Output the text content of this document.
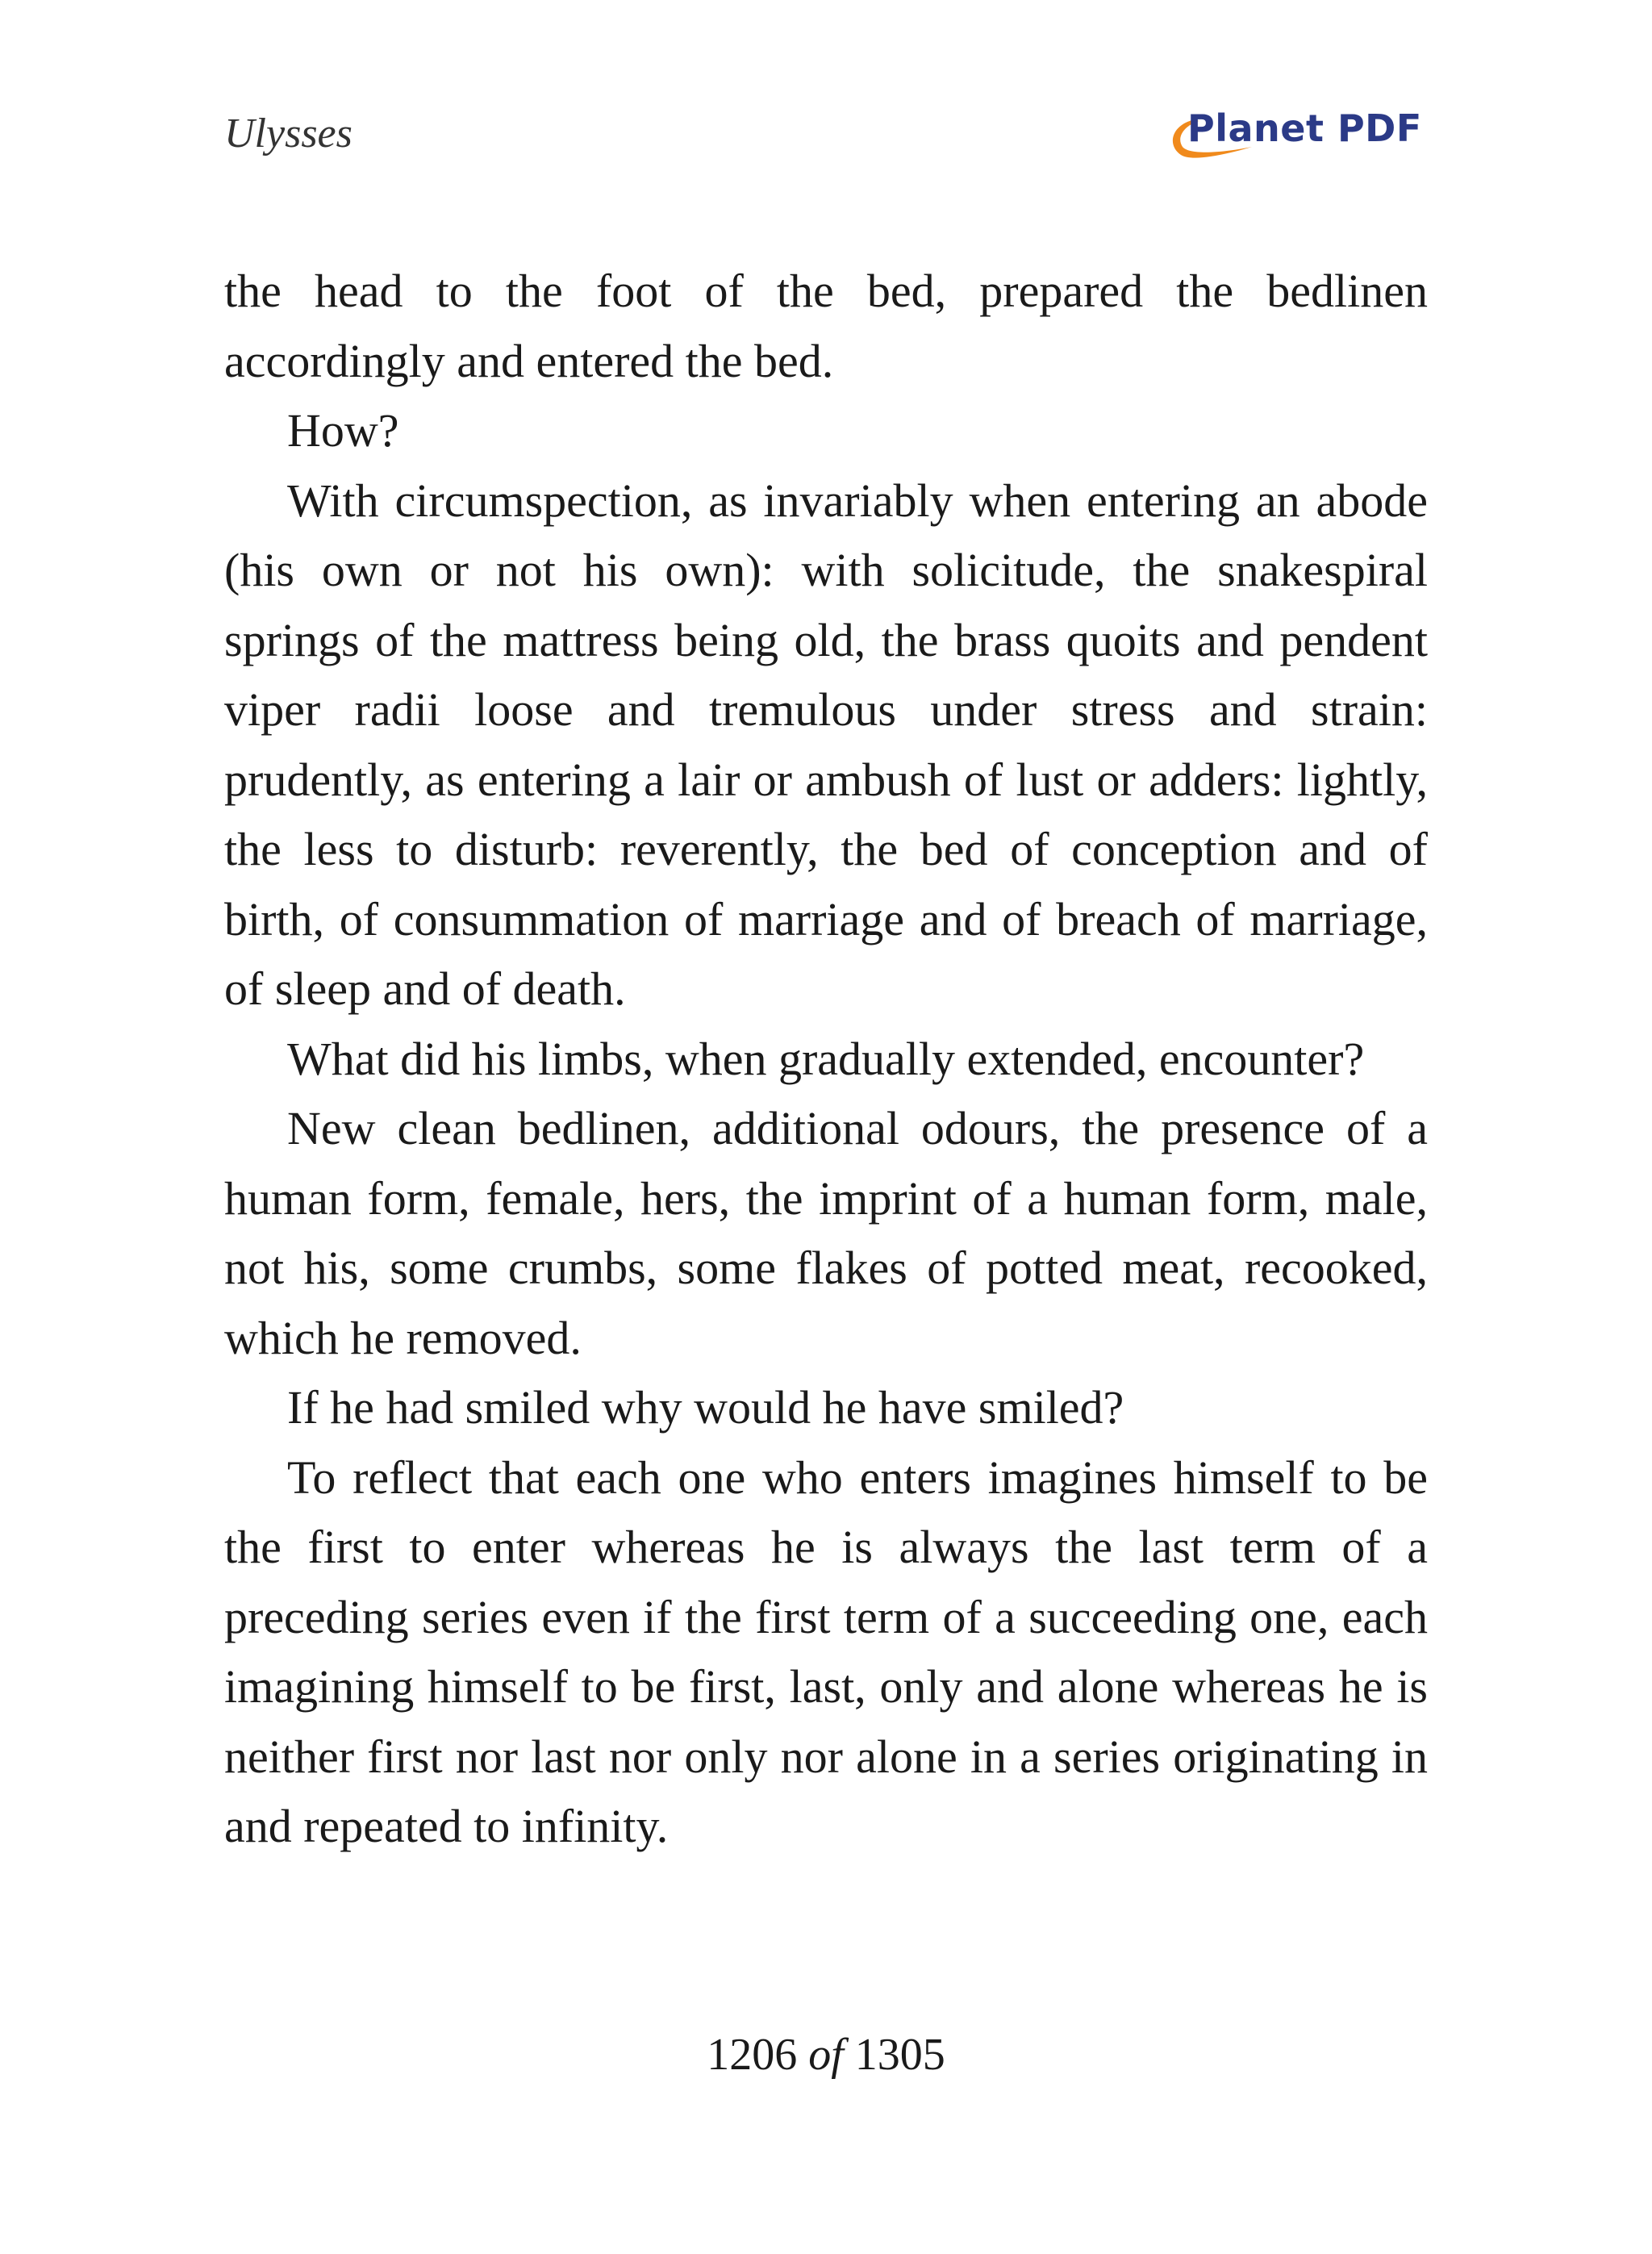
Ulysses	Planet PDF

the head to the foot of the bed, prepared the bedlinen accordingly and entered the bed.

How?

With circumspection, as invariably when entering an abode (his own or not his own): with solicitude, the snakespiral springs of the mattress being old, the brass quoits and pendent viper radii loose and tremulous under stress and strain: prudently, as entering a lair or ambush of lust or adders: lightly, the less to disturb: reverently, the bed of conception and of birth, of consummation of marriage and of breach of marriage, of sleep and of death.

What did his limbs, when gradually extended, encounter?

New clean bedlinen, additional odours, the presence of a human form, female, hers, the imprint of a human form, male, not his, some crumbs, some flakes of potted meat, recooked, which he removed.

If he had smiled why would he have smiled?

To reflect that each one who enters imagines himself to be the first to enter whereas he is always the last term of a preceding series even if the first term of a succeeding one, each imagining himself to be first, last, only and alone whereas he is neither first nor last nor only nor alone in a series originating in and repeated to infinity.

1206 of 1305
